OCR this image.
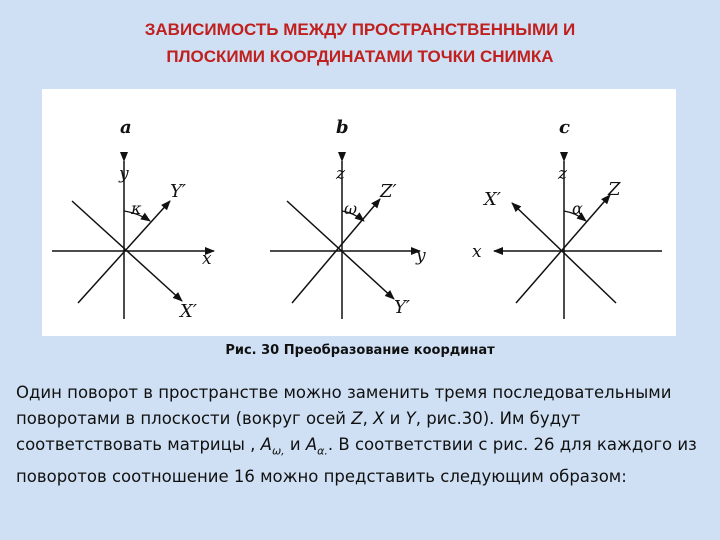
ЗАВИСИМОСТЬ МЕЖДУ ПРОСТРАНСТВЕННЫМИ И
ПЛОСКИМИ КООРДИНАТАМИ ТОЧКИ СНИМКА
a
y
x
Y′
X′
κ
b
z
y
Z′
Y′
ω
c
z
x
Z
X′	α
Рис. 30 Преобразование координат

Один поворот в пространстве можно заменить тремя последовательными поворотами в плоскости (вокруг осей Z, X и Y, рис.30). Им будут соответствовать матрицы , $A_{\omega,}$ и $A_{\alpha.}$. В соответствии с рис. 26 для каждого из поворотов соотношение 16 можно представить следующим образом:
